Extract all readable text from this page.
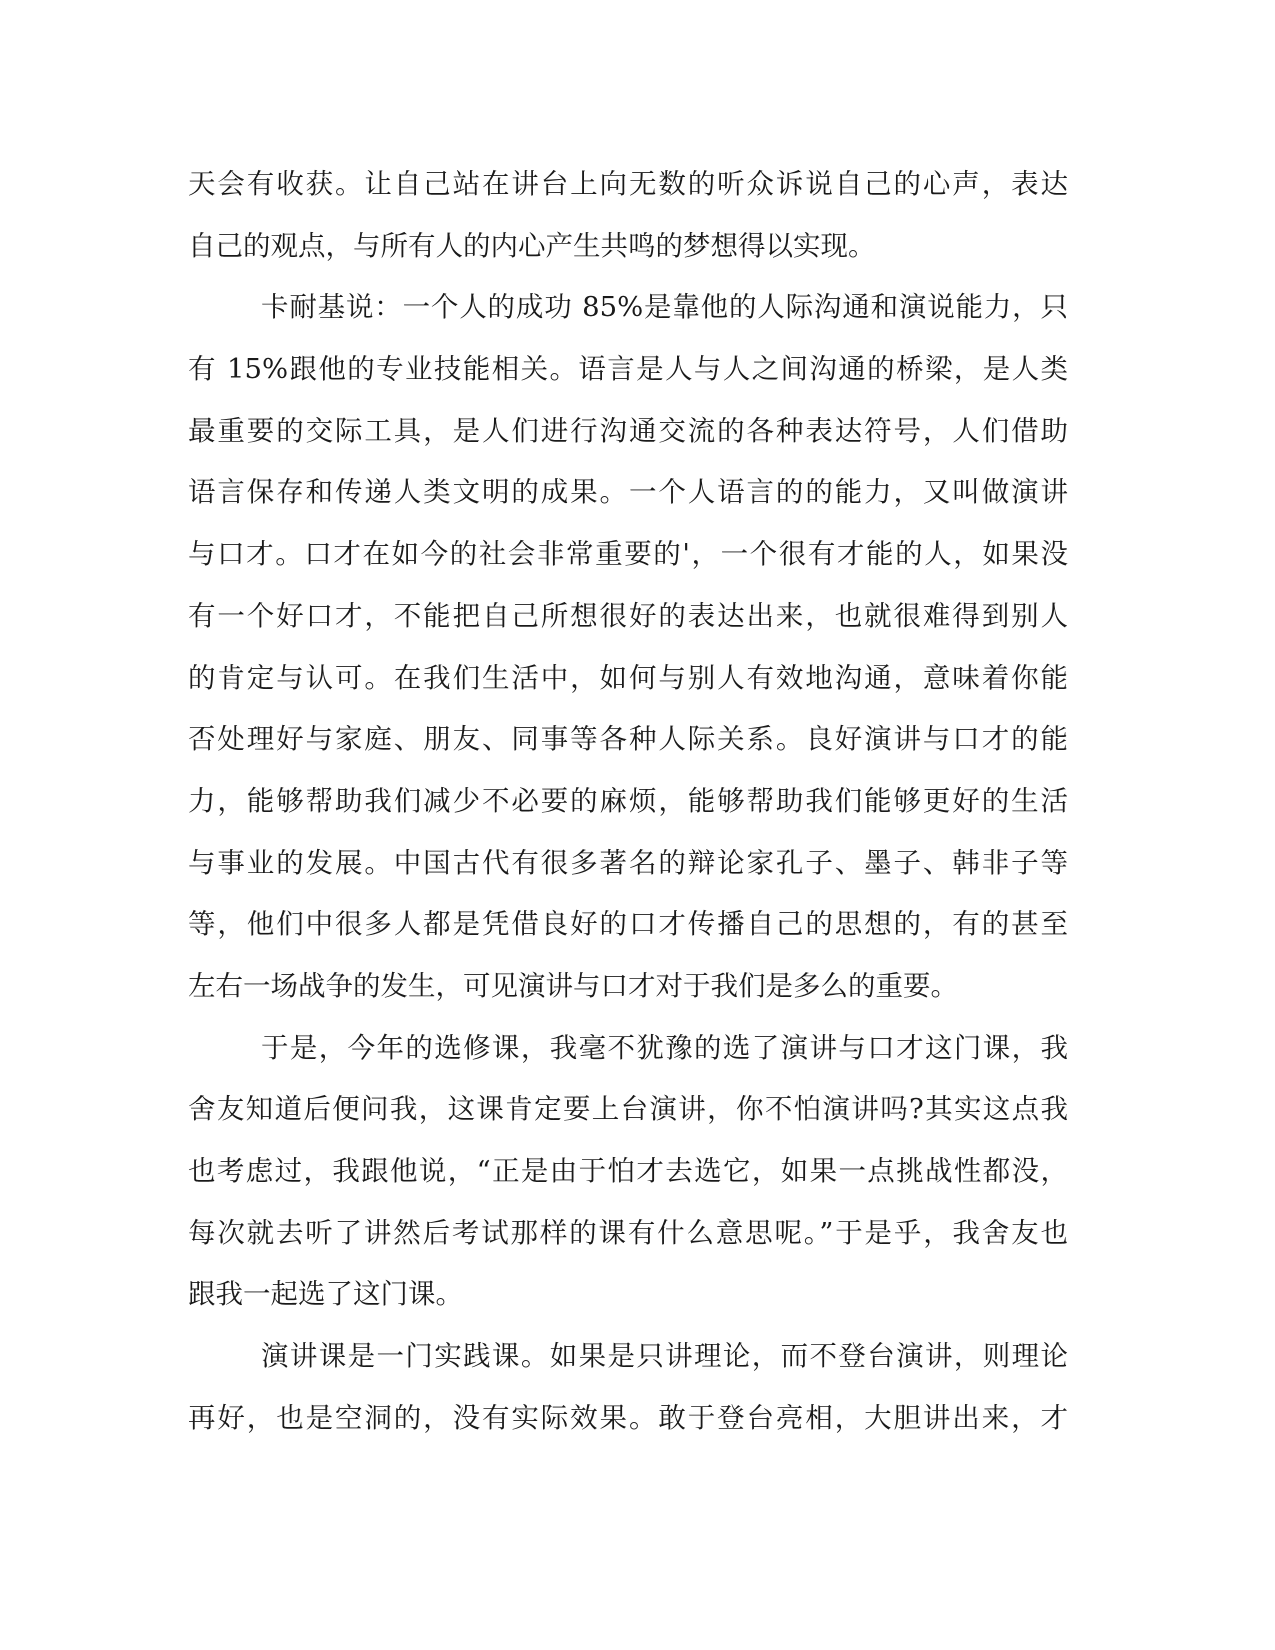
天会有收获。让自己站在讲台上向无数的听众诉说自己的心声，表达
自己的观点，与所有人的内心产生共鸣的梦想得以实现。
卡耐基说：一个人的成功 85%是靠他的人际沟通和演说能力，只
有 15%跟他的专业技能相关。语言是人与人之间沟通的桥梁，是人类
最重要的交际工具，是人们进行沟通交流的各种表达符号，人们借助
语言保存和传递人类文明的成果。一个人语言的的能力，又叫做演讲
与口才。口才在如今的社会非常重要的'，一个很有才能的人，如果没
有一个好口才，不能把自己所想很好的表达出来，也就很难得到别人
的肯定与认可。在我们生活中，如何与别人有效地沟通，意味着你能
否处理好与家庭、朋友、同事等各种人际关系。良好演讲与口才的能
力，能够帮助我们减少不必要的麻烦，能够帮助我们能够更好的生活
与事业的发展。中国古代有很多著名的辩论家孔子、墨子、韩非子等
等，他们中很多人都是凭借良好的口才传播自己的思想的，有的甚至
左右一场战争的发生，可见演讲与口才对于我们是多么的重要。
于是，今年的选修课，我毫不犹豫的选了演讲与口才这门课，我
舍友知道后便问我，这课肯定要上台演讲，你不怕演讲吗?其实这点我
也考虑过，我跟他说，“正是由于怕才去选它，如果一点挑战性都没，
每次就去听了讲然后考试那样的课有什么意思呢。”于是乎，我舍友也
跟我一起选了这门课。
演讲课是一门实践课。如果是只讲理论，而不登台演讲，则理论
再好，也是空洞的，没有实际效果。敢于登台亮相，大胆讲出来，才
